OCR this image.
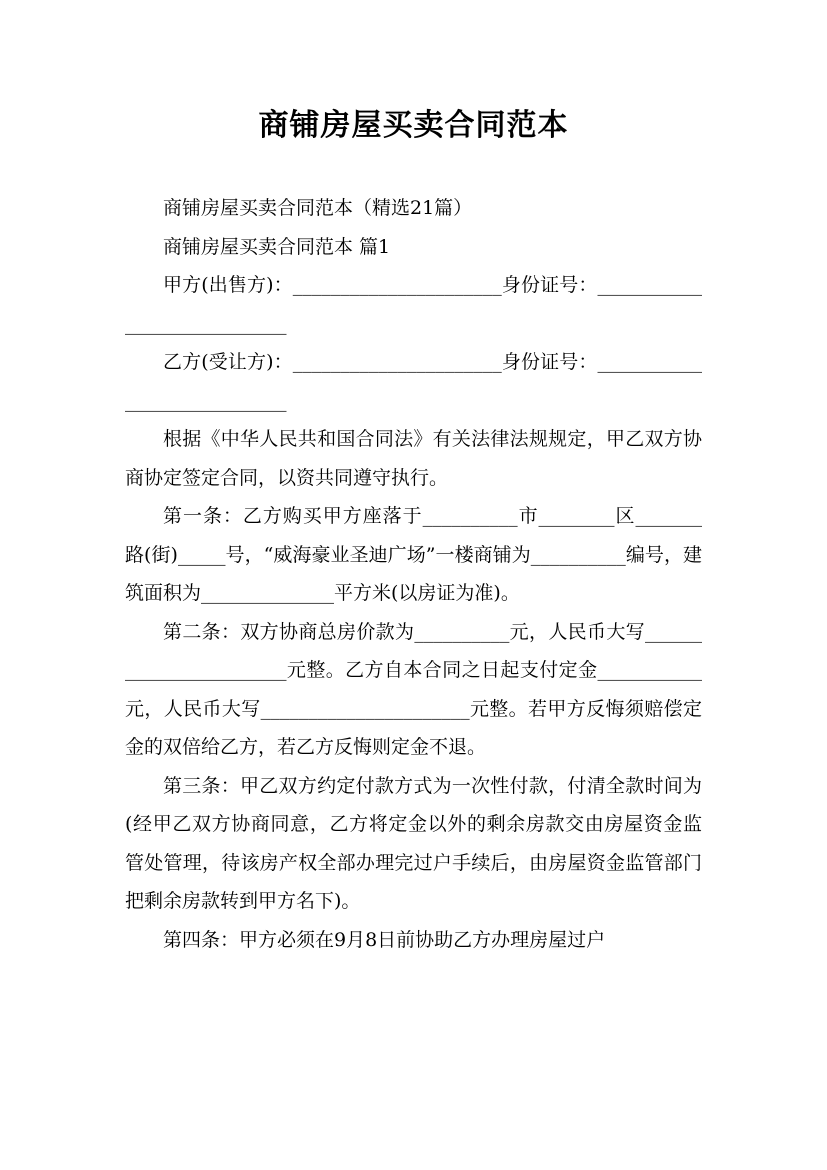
商铺房屋买卖合同范本

商铺房屋买卖合同范本（精选21篇）

商铺房屋买卖合同范本 篇1

甲方(出售方)：______________________身份证号：____________________________

乙方(受让方)：______________________身份证号：____________________________

根据《中华人民共和国合同法》有关法律法规规定，甲乙双方协商协定签定合同，以资共同遵守执行。

第一条：乙方购买甲方座落于__________市________区_______路(街)_____号，“威海豪业圣迪广场”一楼商铺为__________编号，建筑面积为______________平方米(以房证为准)。

第二条：双方协商总房价款为__________元，人民币大写_______________________元整。乙方自本合同之日起支付定金___________元，人民币大写______________________元整。若甲方反悔须赔偿定金的双倍给乙方，若乙方反悔则定金不退。

第三条：甲乙双方约定付款方式为一次性付款，付清全款时间为(经甲乙双方协商同意，乙方将定金以外的剩余房款交由房屋资金监管处管理，待该房产权全部办理完过户手续后，由房屋资金监管部门把剩余房款转到甲方名下)。

第四条：甲方必须在9月8日前协助乙方办理房屋过户
